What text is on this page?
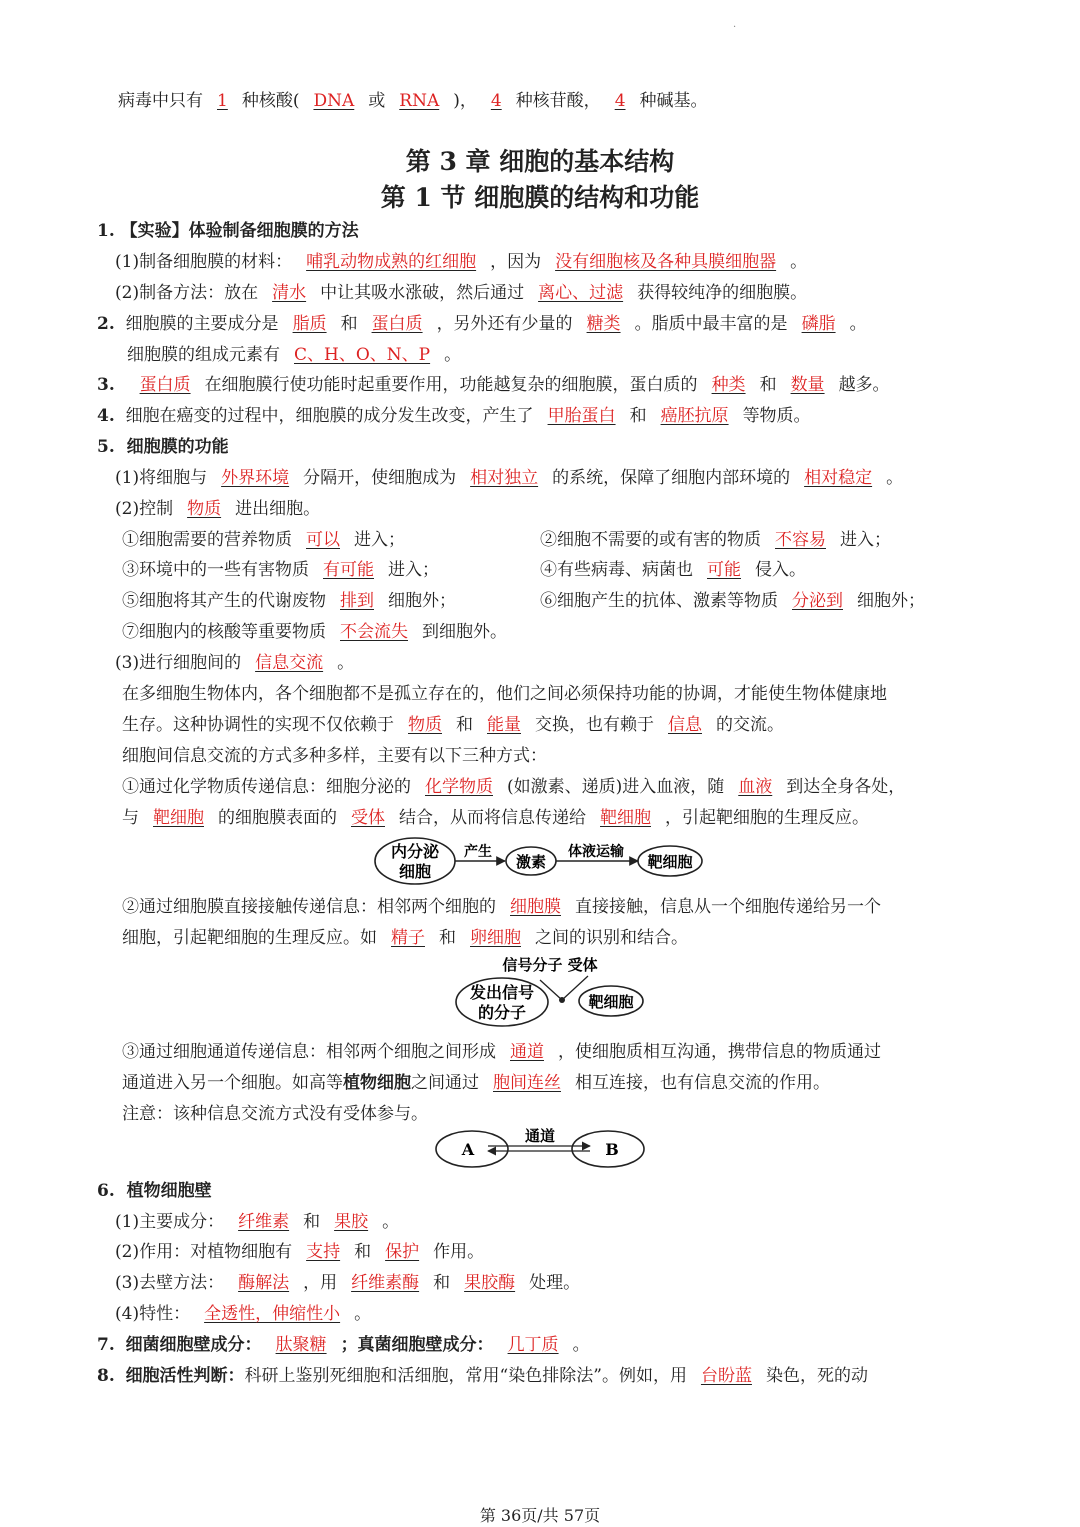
·
病毒中只有 1 种核酸( DNA 或 RNA )， 4 种核苷酸， 4 种碱基。
第 3 章 细胞的基本结构
第 1 节 细胞膜的结构和功能
1. 【实验】体验制备细胞膜的方法
(1)制备细胞膜的材料： 哺乳动物成熟的红细胞 ，因为 没有细胞核及各种具膜细胞器 。
(2)制备方法：放在 清水 中让其吸水涨破，然后通过 离心、过滤 获得较纯净的细胞膜。
2. 细胞膜的主要成分是 脂质 和 蛋白质 ，另外还有少量的 糖类 。脂质中最丰富的是 磷脂 。
细胞膜的组成元素有 C、H、O、N、P 。
3. 蛋白质 在细胞膜行使功能时起重要作用，功能越复杂的细胞膜，蛋白质的 种类 和 数量 越多。
4. 细胞在癌变的过程中，细胞膜的成分发生改变，产生了 甲胎蛋白 和 癌胚抗原 等物质。
5. 细胞膜的功能
(1)将细胞与 外界环境 分隔开，使细胞成为 相对独立 的系统，保障了细胞内部环境的 相对稳定 。
(2)控制 物质 进出细胞。
①细胞需要的营养物质 可以 进入；	②细胞不需要的或有害的物质 不容易 进入；
③环境中的一些有害物质 有可能 进入；	④有些病毒、病菌也 可能 侵入。
⑤细胞将其产生的代谢废物 排到 细胞外；	⑥细胞产生的抗体、激素等物质 分泌到 细胞外；
⑦细胞内的核酸等重要物质 不会流失 到细胞外。
(3)进行细胞间的 信息交流 。
在多细胞生物体内，各个细胞都不是孤立存在的，他们之间必须保持功能的协调，才能使生物体健康地
生存。这种协调性的实现不仅依赖于 物质 和 能量 交换，也有赖于 信息 的交流。
细胞间信息交流的方式多种多样，主要有以下三种方式：
①通过化学物质传递信息：细胞分泌的 化学物质 (如激素、递质)进入血液，随 血液 到达全身各处，
与 靶细胞 的细胞膜表面的 受体 结合，从而将信息传递给 靶细胞 ，引起靶细胞的生理反应。
内分泌
细胞
产生
激素
体液运输
靶细胞
②通过细胞膜直接接触传递信息：相邻两个细胞的 细胞膜 直接接触，信息从一个细胞传递给另一个
细胞，引起靶细胞的生理反应。如 精子 和 卵细胞 之间的识别和结合。
信号分子 受体
发出信号
的分子
靶细胞
③通过细胞通道传递信息：相邻两个细胞之间形成 通道 ，使细胞质相互沟通，携带信息的物质通过
通道进入另一个细胞。如高等植物细胞之间通过 胞间连丝 相互连接，也有信息交流的作用。
注意：该种信息交流方式没有受体参与。
A	B
通道
6. 植物细胞壁
(1)主要成分： 纤维素 和 果胶 。
(2)作用：对植物细胞有 支持 和 保护 作用。
(3)去壁方法： 酶解法 ，用 纤维素酶 和 果胶酶 处理。
(4)特性： 全透性，伸缩性小 。
7. 细菌细胞壁成分： 肽聚糖 ；真菌细胞壁成分： 几丁质 。
8. 细胞活性判断：科研上鉴别死细胞和活细胞，常用“染色排除法”。例如，用 台盼蓝 染色，死的动
第 36页/共 57页
